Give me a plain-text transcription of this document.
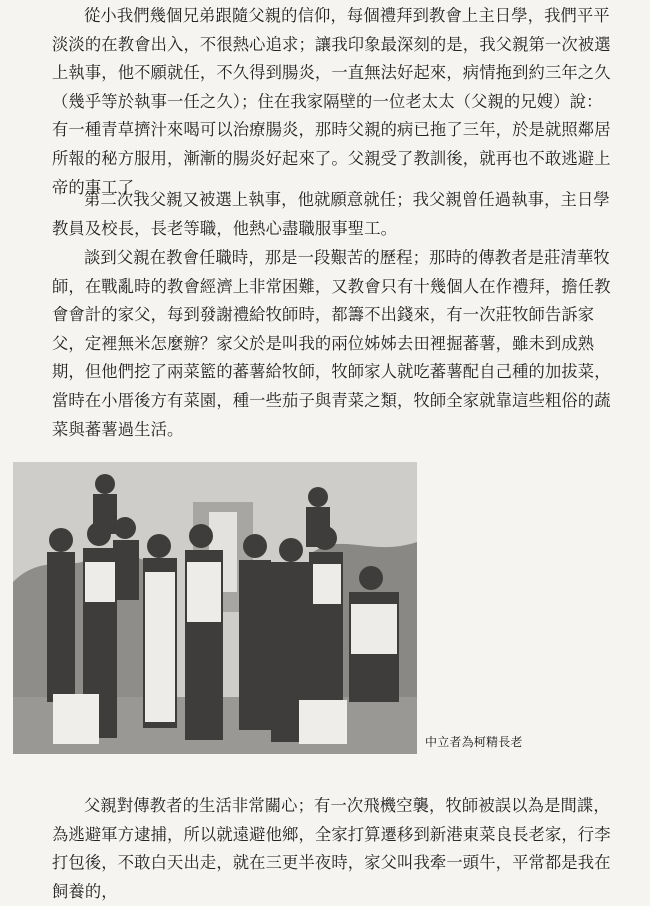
從小我們幾個兄弟跟隨父親的信仰，每個禮拜到教會上主日學，我們平平淡淡的在教會出入，不很熱心追求；讓我印象最深刻的是，我父親第一次被選上執事，他不願就任，不久得到腸炎，一直無法好起來，病情拖到約三年之久（幾乎等於執事一任之久）；住在我家隔壁的一位老太太（父親的兄嫂）說：有一種青草擠汁來喝可以治療腸炎，那時父親的病已拖了三年，於是就照鄰居所報的秘方服用，漸漸的腸炎好起來了。父親受了教訓後，就再也不敢逃避上帝的事工了。

第二次我父親又被選上執事，他就願意就任；我父親曾任過執事，主日學教員及校長，長老等職，他熱心盡職服事聖工。

談到父親在教會任職時，那是一段艱苦的歷程；那時的傳教者是莊清華牧師，在戰亂時的教會經濟上非常困難，又教會只有十幾個人在作禮拜，擔任教會會計的家父，每到發謝禮給牧師時，都籌不出錢來，有一次莊牧師告訴家父，定裡無米怎麼辦？家父於是叫我的兩位姊姊去田裡掘蕃薯，雖未到成熟期，但他們挖了兩菜籃的蕃薯給牧師，牧師家人就吃蕃薯配自己種的加拔菜，當時在小厝後方有菜園，種一些茄子與青菜之類，牧師全家就靠這些粗俗的蔬菜與蕃薯過生活。

中立者為柯精長老

父親對傳教者的生活非常關心；有一次飛機空襲，牧師被誤以為是間諜，為逃避軍方逮捕，所以就遠避他鄉，全家打算遷移到新港東菜良長老家，行李打包後，不敢白天出走，就在三更半夜時，家父叫我牽一頭牛，平常都是我在飼養的，
